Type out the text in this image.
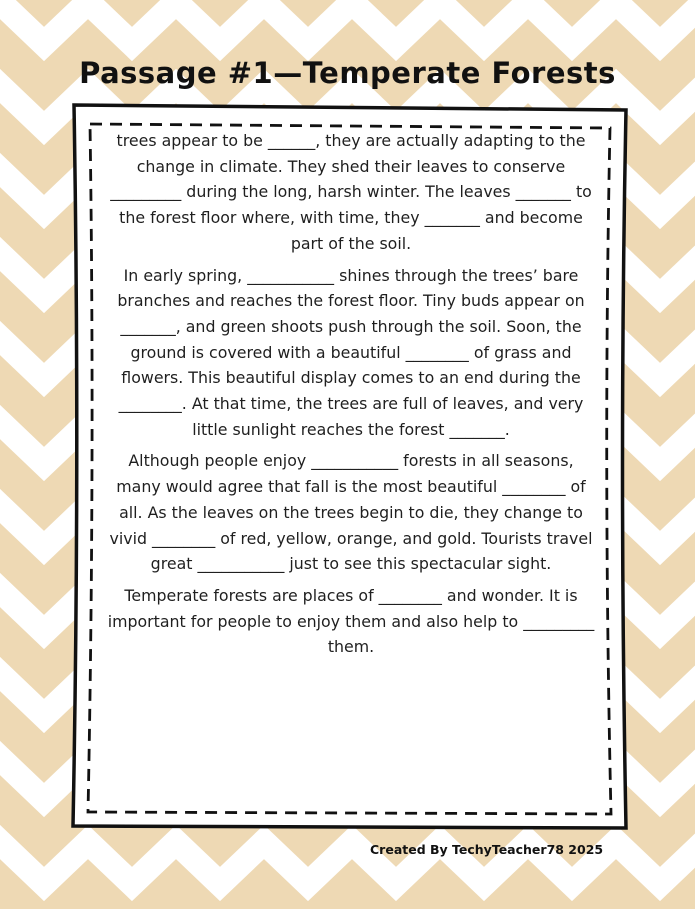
Passage #1—Temperate Forests

trees appear to be ______, they are actually adapting to the change in climate. They shed their leaves to conserve _________ during the long, harsh winter. The leaves _______ to the forest floor where, with time, they _______ and become part of the soil.

In early spring, ___________ shines through the trees’ bare branches and reaches the forest floor. Tiny buds appear on _______, and green shoots push through the soil. Soon, the ground is covered with a beautiful ________ of grass and flowers. This beautiful display comes to an end during the ________. At that time, the trees are full of leaves, and very little sunlight reaches the forest _______.

Although people enjoy ___________ forests in all seasons, many would agree that fall is the most beautiful ________ of all. As the leaves on the trees begin to die, they change to vivid ________ of red, yellow, orange, and gold. Tourists travel great ___________ just to see this spectacular sight.

Temperate forests are places of ________ and wonder. It is important for people to enjoy them and also help to _________ them.

Created By TechyTeacher78 2025
